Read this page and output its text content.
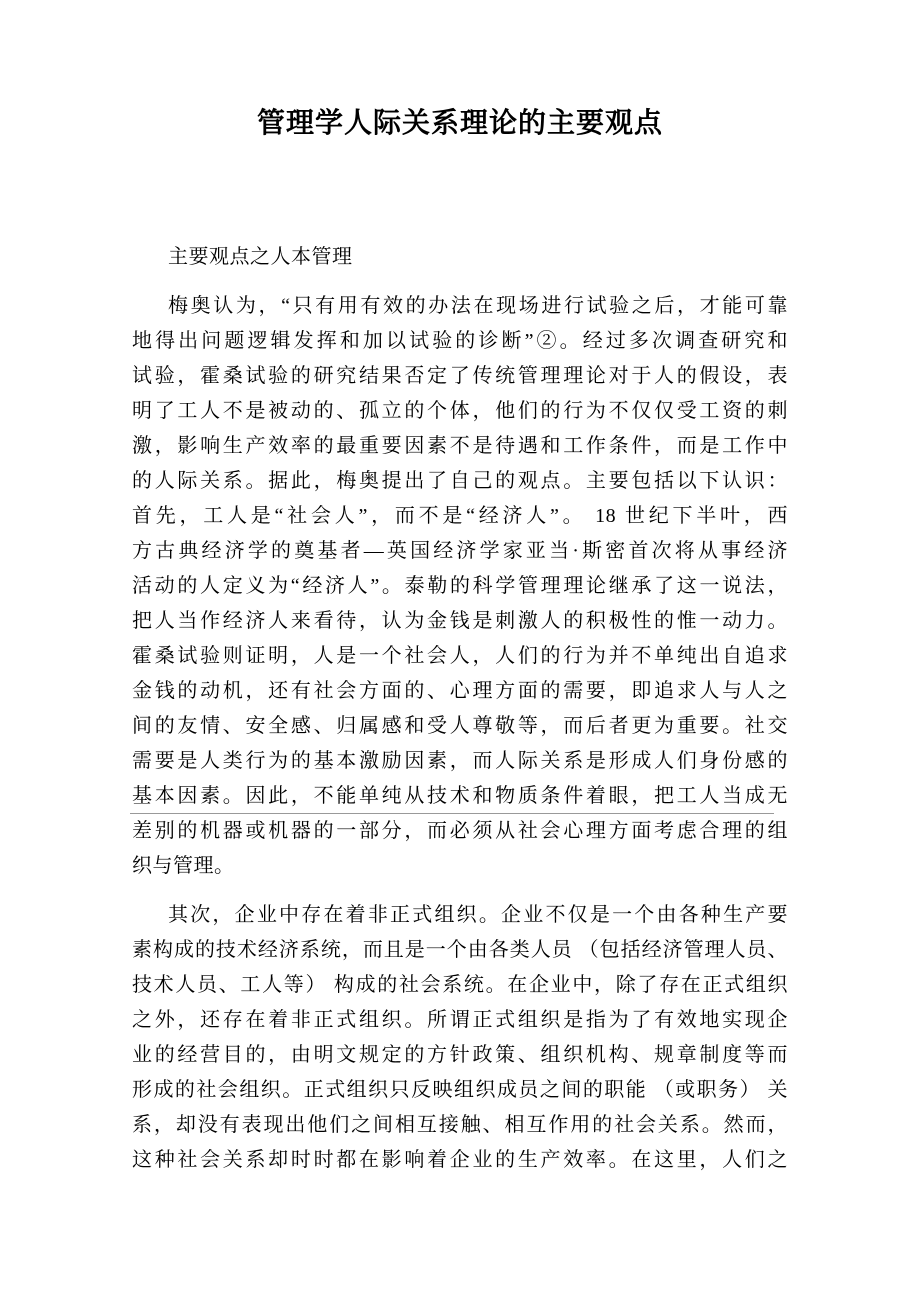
管理学人际关系理论的主要观点
主要观点之人本管理
梅奥认为，“只有用有效的办法在现场进行试验之后，才能可靠
地得出问题逻辑发挥和加以试验的诊断”②。经过多次调查研究和
试验，霍桑试验的研究结果否定了传统管理理论对于人的假设，表
明了工人不是被动的、孤立的个体，他们的行为不仅仅受工资的刺
激，影响生产效率的最重要因素不是待遇和工作条件，而是工作中
的人际关系。据此，梅奥提出了自己的观点。主要包括以下认识：
首先，工人是“社会人”，而不是“经济人”。 18 世纪下半叶，西
方古典经济学的奠基者—英国经济学家亚当·斯密首次将从事经济
活动的人定义为“经济人”。泰勒的科学管理理论继承了这一说法，
把人当作经济人来看待，认为金钱是刺激人的积极性的惟一动力。
霍桑试验则证明，人是一个社会人，人们的行为并不单纯出自追求
金钱的动机，还有社会方面的、心理方面的需要，即追求人与人之
间的友情、安全感、归属感和受人尊敬等，而后者更为重要。社交
需要是人类行为的基本激励因素，而人际关系是形成人们身份感的
基本因素。因此，不能单纯从技术和物质条件着眼，把工人当成无
差别的机器或机器的一部分，而必须从社会心理方面考虑合理的组
织与管理。
其次，企业中存在着非正式组织。企业不仅是一个由各种生产要
素构成的技术经济系统，而且是一个由各类人员 （包括经济管理人员、
技术人员、工人等） 构成的社会系统。在企业中，除了存在正式组织
之外，还存在着非正式组织。所谓正式组织是指为了有效地实现企
业的经营目的，由明文规定的方针政策、组织机构、规章制度等而
形成的社会组织。正式组织只反映组织成员之间的职能 （或职务） 关
系，却没有表现出他们之间相互接触、相互作用的社会关系。然而，
这种社会关系却时时都在影响着企业的生产效率。在这里，人们之
